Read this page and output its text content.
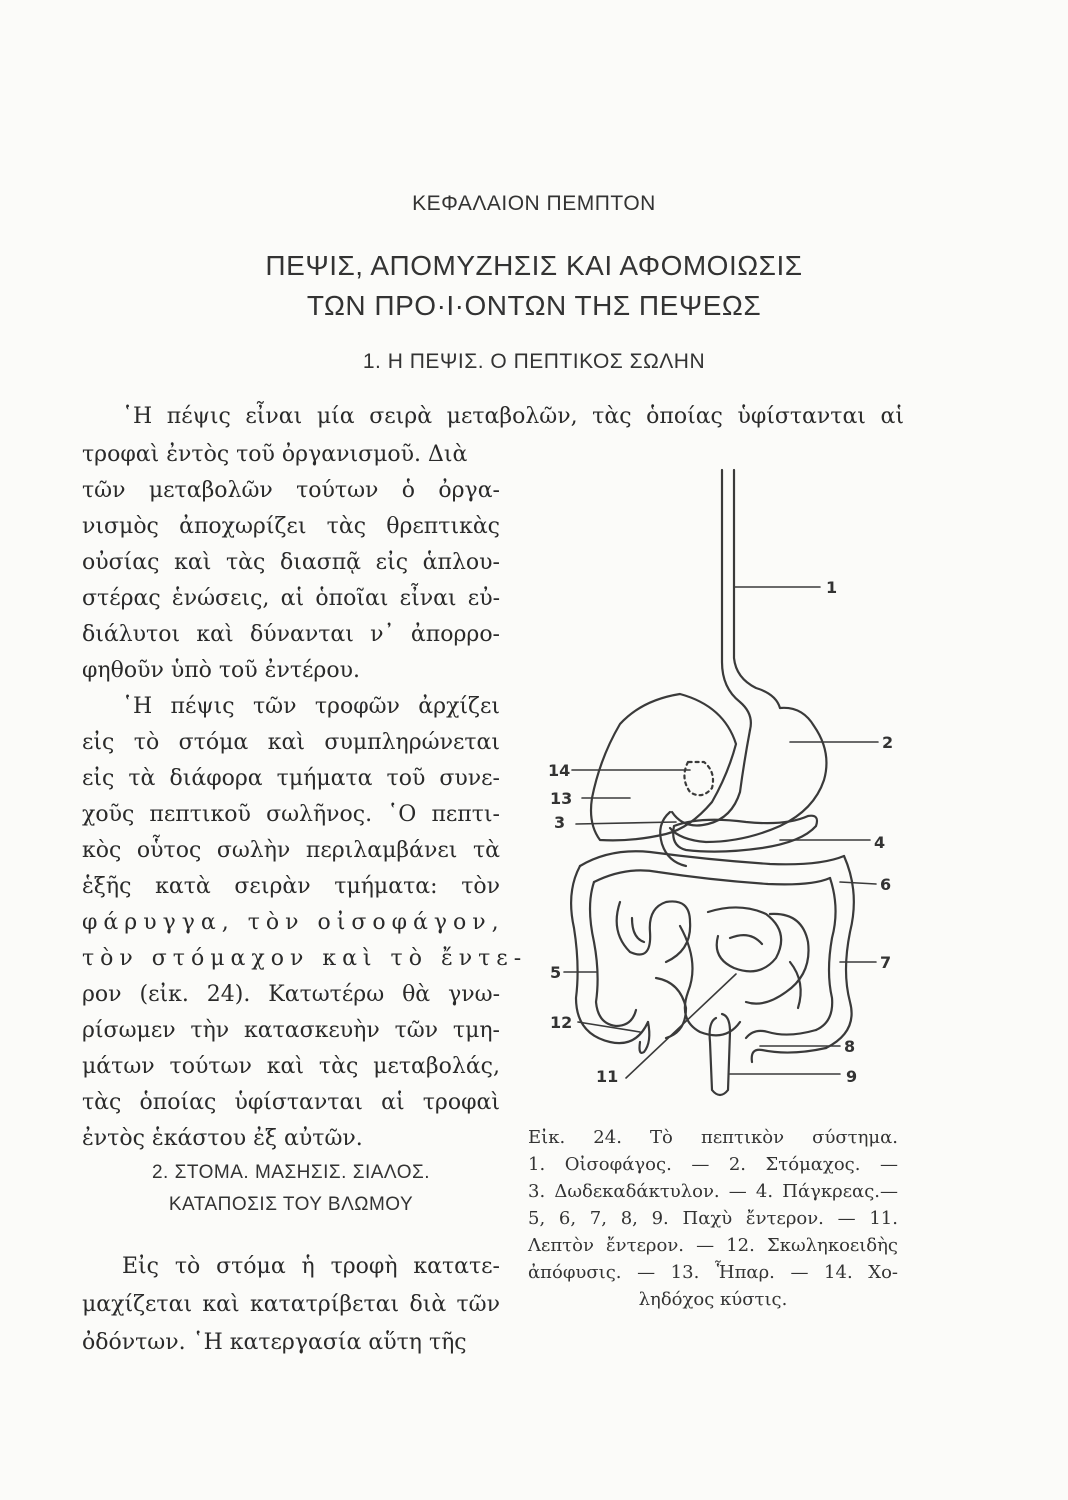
ΚΕΦΑΛΑΙΟΝ ΠΕΜΠΤΟΝ
ΠΕΨΙΣ, ΑΠΟΜΥΖΗΣΙΣ ΚΑΙ ΑΦΟΜΟΙΩΣΙΣ
ΤΩΝ ΠΡΟ·Ι·ΟΝΤΩΝ ΤΗΣ ΠΕΨΕΩΣ
1. Η ΠΕΨΙΣ. Ο ΠΕΠΤΙΚΟΣ ΣΩΛΗΝ
῾Η πέψις εἶναι μία σειρὰ μεταβολῶν, τὰς ὁποίας ὑφίστανται αἱ
τροφαὶ ἐντὸς τοῦ ὀργανισμοῦ. Διὰ
τῶν μεταβολῶν τούτων ὁ ὀργα-
νισμὸς ἀποχωρίζει τὰς θρεπτικὰς
οὐσίας καὶ τὰς διασπᾷ εἰς ἁπλου-
στέρας ἑνώσεις, αἱ ὁποῖαι εἶναι εὐ-
διάλυτοι καὶ δύνανται ν᾽ ἀπορρο-
φηθοῦν ὑπὸ τοῦ ἐντέρου.
῾Η πέψις τῶν τροφῶν ἀρχίζει
εἰς τὸ στόμα καὶ συμπληρώνεται
εἰς τὰ διάφορα τμήματα τοῦ συνε-
χοῦς πεπτικοῦ σωλῆνος. ῾Ο πεπτι-
κὸς οὗτος σωλὴν περιλαμβάνει τὰ
ἑξῆς κατὰ σειρὰν τμήματα: τὸν
φάρυγγα, τὸν οἰσοφάγον,
τὸν στόμαχον καὶ τὸ ἔντε-
ρον (εἰκ. 24). Κατωτέρω θὰ γνω-
ρίσωμεν τὴν κατασκευὴν τῶν τμη-
μάτων τούτων καὶ τὰς μεταβολάς,
τὰς ὁποίας ὑφίστανται αἱ τροφαὶ
ἐντὸς ἑκάστου ἐξ αὐτῶν.
2. ΣΤΟΜΑ. ΜΑΣΗΣΙΣ. ΣΙΑΛΟΣ.
ΚΑΤΑΠΟΣΙΣ ΤΟΥ ΒΛΩΜΟΥ
Εἰς τὸ στόμα ἡ τροφὴ κατατε-
μαχίζεται καὶ κατατρίβεται διὰ τῶν
ὀδόντων. ῾Η κατεργασία αὕτη τῆς
1
2
14
13
3
4
6
7
5
12
8
11	9
Εἰκ. 24. Τὸ πεπτικὸν σύστημα.
1. Οἰσοφάγος. — 2. Στόμαχος. —
3. Δωδεκαδάκτυλον. — 4. Πάγκρεας.—
5, 6, 7, 8, 9. Παχὺ ἔντερον. — 11.
Λεπτὸν ἔντερον. — 12. Σκωληκοειδὴς
ἀπόφυσις. — 13. Ἧπαρ. — 14. Χο-
ληδόχος κύστις.
